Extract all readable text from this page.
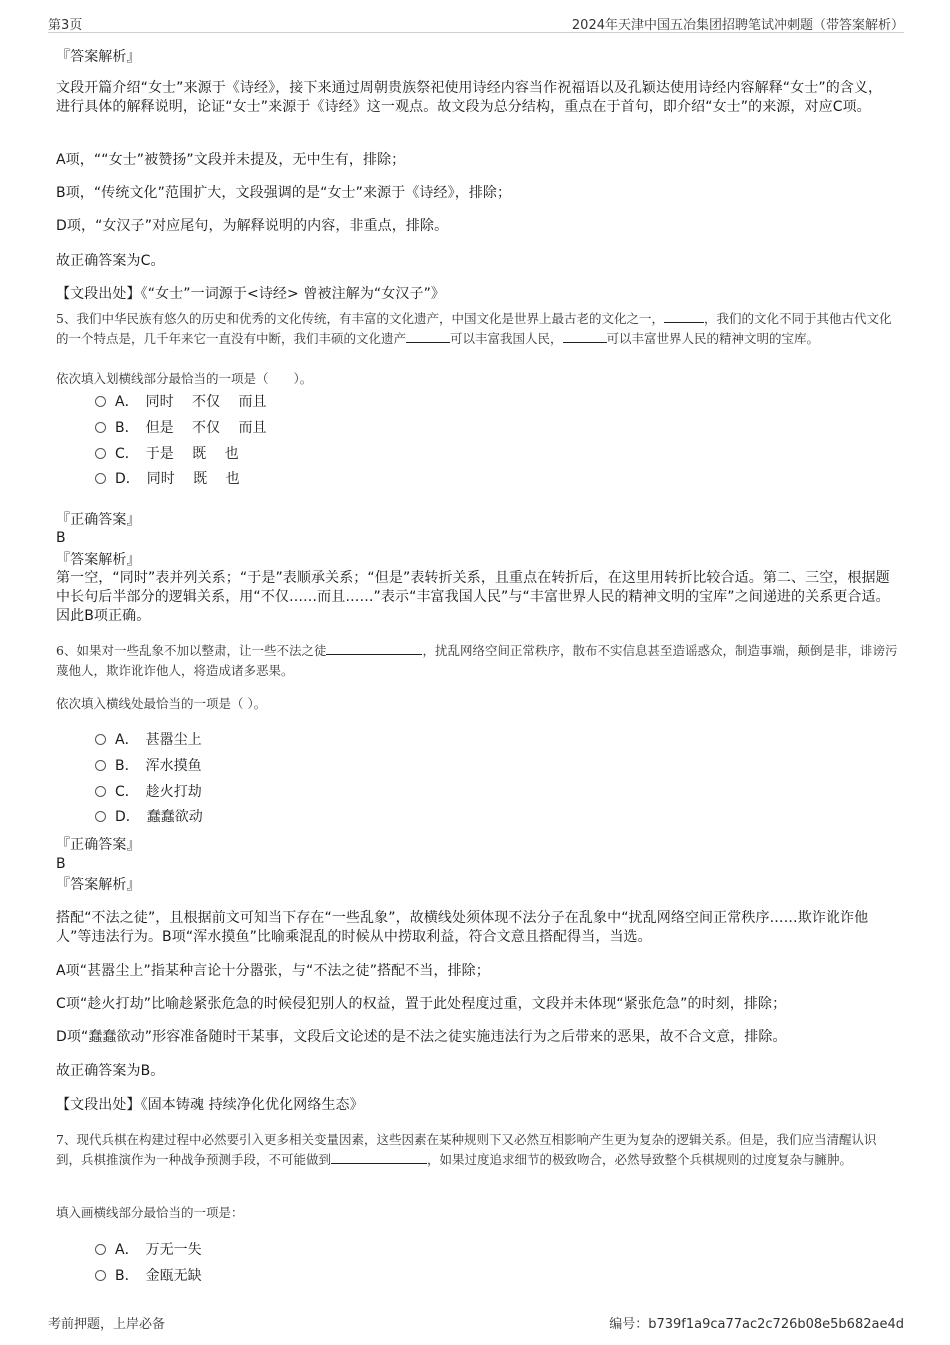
第3页	2024年天津中国五冶集团招聘笔试冲刺题（带答案解析）
『答案解析』
文段开篇介绍“女士”来源于《诗经》，接下来通过周朝贵族祭祀使用诗经内容当作祝福语以及孔颖达使用诗经内容解释“女士”的含义，进行具体的解释说明，论证“女士”来源于《诗经》这一观点。故文段为总分结构，重点在于首句，即介绍“女士”的来源，对应C项。
A项，““女士”被赞扬”文段并未提及，无中生有，排除；
B项，“传统文化”范围扩大，文段强调的是“女士”来源于《诗经》，排除；
D项，“女汉子”对应尾句，为解释说明的内容，非重点，排除。
故正确答案为C。
【文段出处】《“女士”一词源于<诗经> 曾被注解为“女汉子”》
5、我们中华民族有悠久的历史和优秀的文化传统，有丰富的文化遗产，中国文化是世界上最古老的文化之一，	，我们的文化不同于其他古代文化的一个特点是，几千年来它一直没有中断，我们丰硕的文化遗产	可以丰富我国人民，	可以丰富世界人民的精神文明的宝库。
依次填入划横线部分最恰当的一项是（　　）。
A．　同时　 不仅　 而且
B．　但是　 不仅　 而且
C．　于是　 既　 也
D．　同时　 既　 也
『正确答案』
B
『答案解析』
第一空，“同时”表并列关系；“于是”表顺承关系；“但是”表转折关系，且重点在转折后，在这里用转折比较合适。第二、三空，根据题中长句后半部分的逻辑关系，用“不仅……而且……”表示“丰富我国人民”与“丰富世界人民的精神文明的宝库”之间递进的关系更合适。因此B项正确。
6、如果对一些乱象不加以整肃，让一些不法之徒	，扰乱网络空间正常秩序，散布不实信息甚至造谣惑众，制造事端，颠倒是非，诽谤污蔑他人，欺诈讹诈他人，将造成诸多恶果。
依次填入横线处最恰当的一项是（ ）。
A．　甚嚣尘上
B．　浑水摸鱼
C．　趁火打劫
D．　蠢蠢欲动
『正确答案』
B
『答案解析』
搭配“不法之徒”，且根据前文可知当下存在“一些乱象”，故横线处须体现不法分子在乱象中“扰乱网络空间正常秩序……欺诈讹诈他人”等违法行为。B项“浑水摸鱼”比喻乘混乱的时候从中捞取利益，符合文意且搭配得当，当选。
A项“甚嚣尘上”指某种言论十分嚣张，与“不法之徒”搭配不当，排除；
C项“趁火打劫”比喻趁紧张危急的时候侵犯别人的权益，置于此处程度过重，文段并未体现“紧张危急”的时刻，排除；
D项“蠢蠢欲动”形容准备随时干某事，文段后文论述的是不法之徒实施违法行为之后带来的恶果，故不合文意，排除。
故正确答案为B。
【文段出处】《固本铸魂 持续净化优化网络生态》
7、现代兵棋在构建过程中必然要引入更多相关变量因素，这些因素在某种规则下又必然互相影响产生更为复杂的逻辑关系。但是，我们应当清醒认识到，兵棋推演作为一种战争预测手段，不可能做到	，如果过度追求细节的极致吻合，必然导致整个兵棋规则的过度复杂与臃肿。
填入画横线部分最恰当的一项是：
A．　万无一失
B．　金瓯无缺
考前押题，上岸必备	编号：b739f1a9ca77ac2c726b08e5b682ae4d
